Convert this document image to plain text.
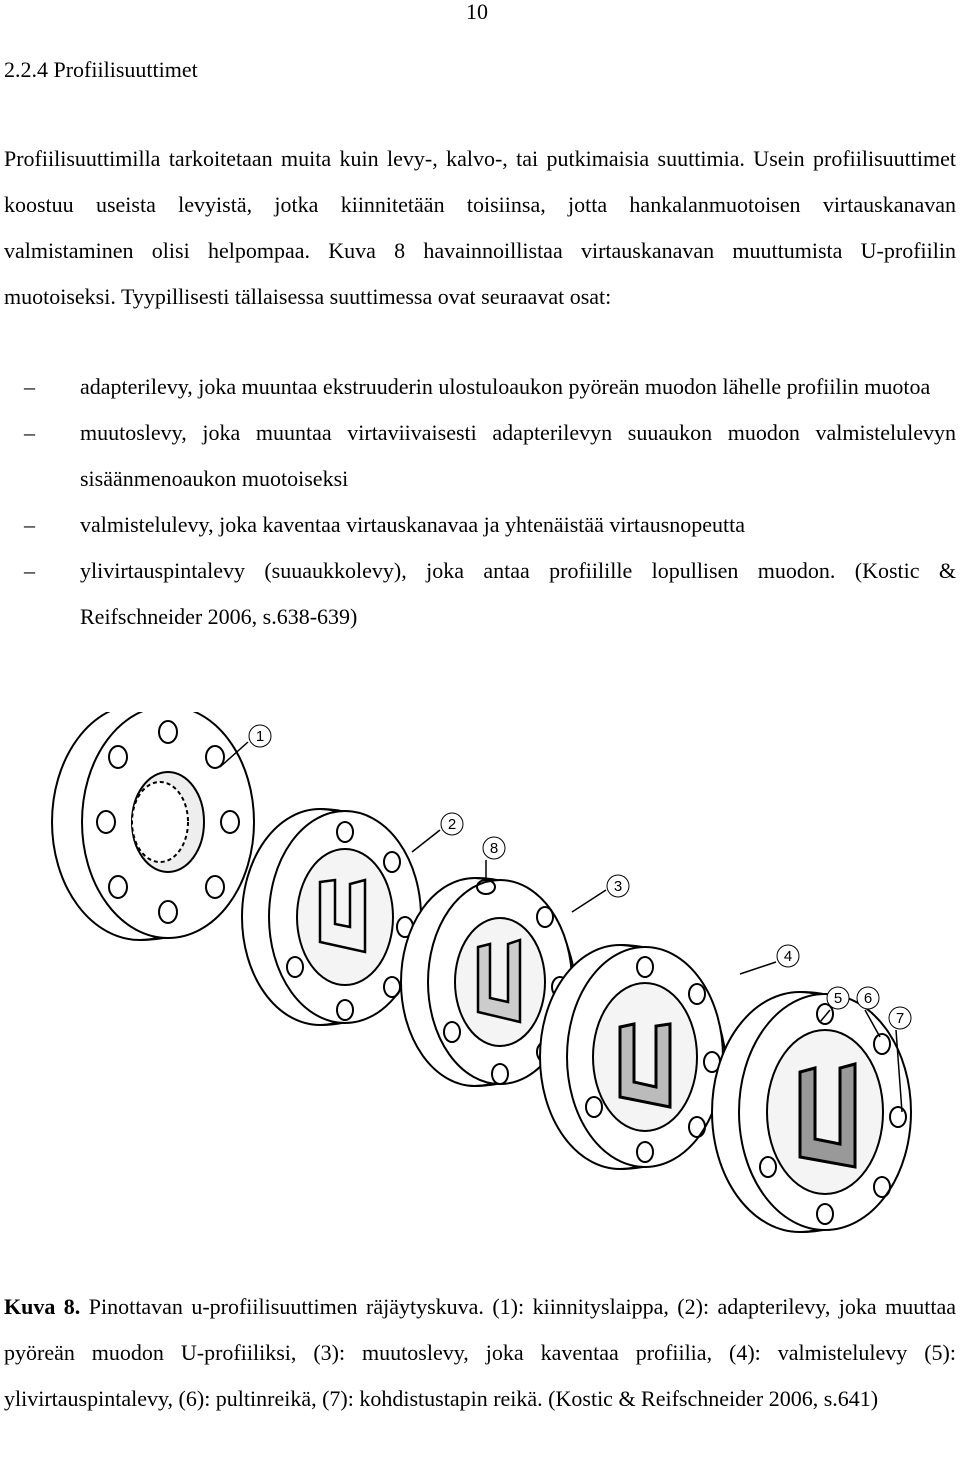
10
2.2.4 Profiilisuuttimet
Profiilisuuttimilla tarkoitetaan muita kuin levy-, kalvo-, tai putkimaisia suuttimia. Usein profiilisuuttimet koostuu useista levyistä, jotka kiinnitetään toisiinsa, jotta hankalanmuotoisen virtauskanavan valmistaminen olisi helpompaa. Kuva 8 havainnoillistaa virtauskanavan muuttumista U-profiilin muotoiseksi. Tyypillisesti tällaisessa suuttimessa ovat seuraavat osat:
– adapterilevy, joka muuntaa ekstruuderin ulostuloaukon pyöreän muodon lähelle profiilin muotoa
– muutoslevy, joka muuntaa virtaviivaisesti adapterilevyn suuaukon muodon valmistelulevyn sisäänmenoaukon muotoiseksi
– valmistelulevy, joka kaventaa virtauskanavaa ja yhtenäistää virtausnopeutta
– ylivirtauspintalevy (suuaukkolevy), joka antaa profiilille lopullisen muodon. (Kostic & Reifschneider 2006, s.638-639)
1
2
8
3
4
5 6
7
Kuva 8. Pinottavan u-profiilisuuttimen räjäytyskuva. (1): kiinnityslaippa, (2): adapterilevy, joka muuttaa pyöreän muodon U-profiiliksi, (3): muutoslevy, joka kaventaa profiilia, (4): valmistelulevy (5): ylivirtauspintalevy, (6): pultinreikä, (7): kohdistustapin reikä. (Kostic & Reifschneider 2006, s.641)
